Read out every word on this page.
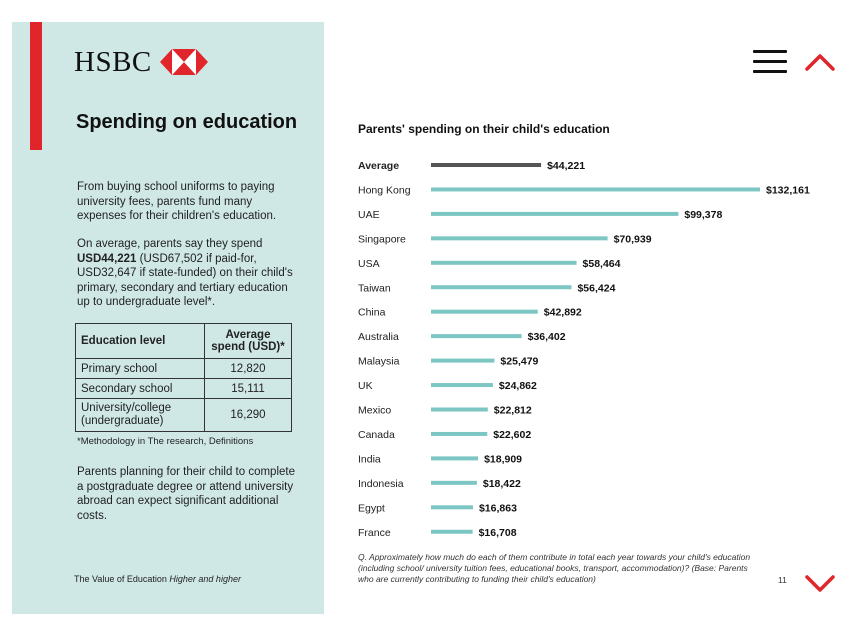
HSBC
Spending on education
From buying school uniforms to paying university fees, parents fund many expenses for their children's education.
On average, parents say they spend USD44,221 (USD67,502 if paid-for, USD32,647 if state-funded) on their child's primary, secondary and tertiary education up to undergraduate level*.
Education level	Average spend (USD)*
Primary school	12,820
Secondary school	15,111
University/college (undergraduate)	16,290
*Methodology in The research, Definitions
Parents planning for their child to complete a postgraduate degree or attend university abroad can expect significant additional costs.
The Value of Education Higher and higher
Parents' spending on their child's education
Average	$44,221
Hong Kong	$132,161
UAE	$99,378
Singapore	$70,939
USA	$58,464
Taiwan	$56,424
China	$42,892
Australia	$36,402
Malaysia	$25,479
UK	$24,862
Mexico	$22,812
Canada	$22,602
India	$18,909
Indonesia	$18,422
Egypt	$16,863
France	$16,708
Q. Approximately how much do each of them contribute in total each year towards your child's education (including school/ university tuition fees, educational books, transport, accommodation)? (Base: Parents who are currently contributing to funding their child's education)	11
